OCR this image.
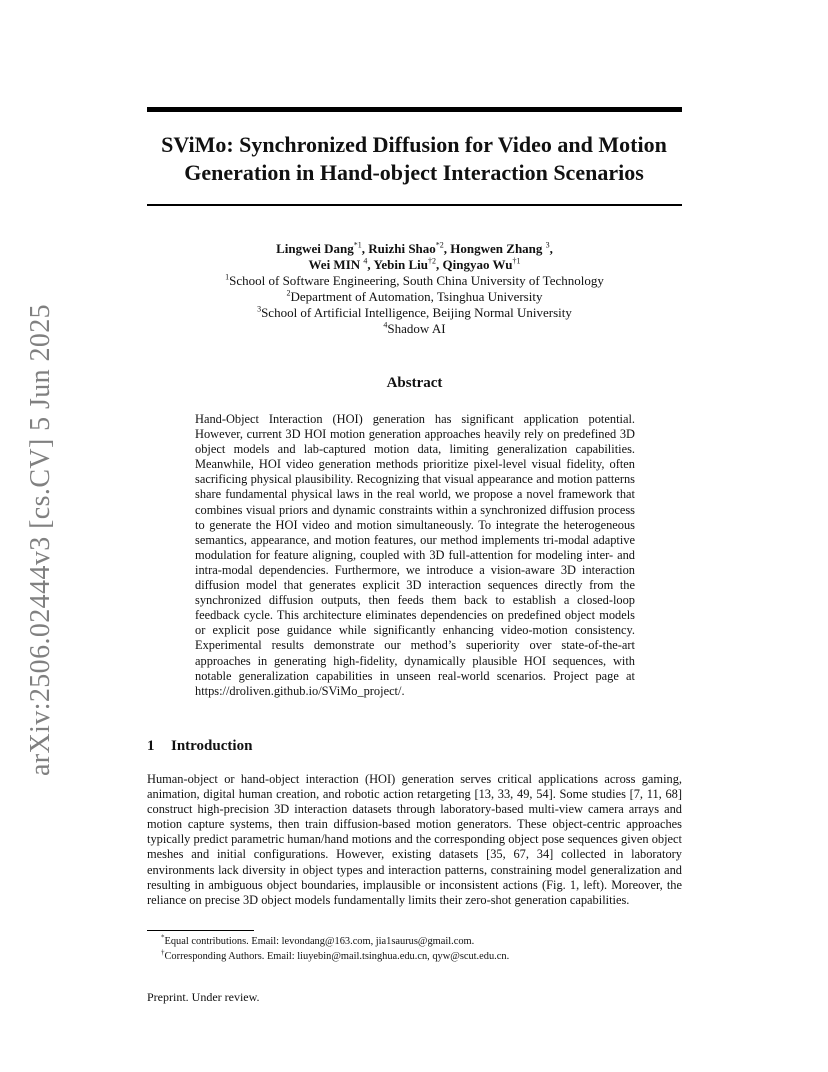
arXiv:2506.02444v3 [cs.CV] 5 Jun 2025
SViMo: Synchronized Diffusion for Video and Motion
Generation in Hand-object Interaction Scenarios
Lingwei Dang$^{*1}$, Ruizhi Shao$^{*2}$, Hongwen Zhang $^3$,
Wei MIN $^4$, Yebin Liu$^{\dagger 2}$, Qingyao Wu$^{\dagger 1}$
$^1$School of Software Engineering, South China University of Technology
$^2$Department of Automation, Tsinghua University
$^3$School of Artificial Intelligence, Beijing Normal University
$^4$Shadow AI
Abstract
Hand-Object Interaction (HOI) generation has significant application potential. However, current 3D HOI motion generation approaches heavily rely on predefined 3D object models and lab-captured motion data, limiting generalization capabilities. Meanwhile, HOI video generation methods prioritize pixel-level visual fidelity, often sacrificing physical plausibility. Recognizing that visual appearance and motion patterns share fundamental physical laws in the real world, we propose a novel framework that combines visual priors and dynamic constraints within a synchronized diffusion process to generate the HOI video and motion simultaneously. To integrate the heterogeneous semantics, appearance, and motion features, our method implements tri-modal adaptive modulation for feature aligning, coupled with 3D full-attention for modeling inter- and intra-modal dependencies. Furthermore, we introduce a vision-aware 3D interaction diffusion model that generates explicit 3D interaction sequences directly from the synchronized diffusion outputs, then feeds them back to establish a closed-loop feedback cycle. This architecture eliminates dependencies on predefined object models or explicit pose guidance while significantly enhancing video-motion consistency. Experimental results demonstrate our method’s superiority over state-of-the-art approaches in generating high-fidelity, dynamically plausible HOI sequences, with notable generalization capabilities in unseen real-world scenarios. Project page at https://droliven.github.io/SViMo_project/.
1 Introduction
Human-object or hand-object interaction (HOI) generation serves critical applications across gaming, animation, digital human creation, and robotic action retargeting [13, 33, 49, 54]. Some studies [7, 11, 68] construct high-precision 3D interaction datasets through laboratory-based multi-view camera arrays and motion capture systems, then train diffusion-based motion generators. These object-centric approaches typically predict parametric human/hand motions and the corresponding object pose sequences given object meshes and initial configurations. However, existing datasets [35, 67, 34] collected in laboratory environments lack diversity in object types and interaction patterns, constraining model generalization and resulting in ambiguous object boundaries, implausible or inconsistent actions (Fig. 1, left). Moreover, the reliance on precise 3D object models fundamentally limits their zero-shot generation capabilities.
*Equal contributions. Email: levondang@163.com, jia1saurus@gmail.com.
†Corresponding Authors. Email: liuyebin@mail.tsinghua.edu.cn, qyw@scut.edu.cn.
Preprint. Under review.
